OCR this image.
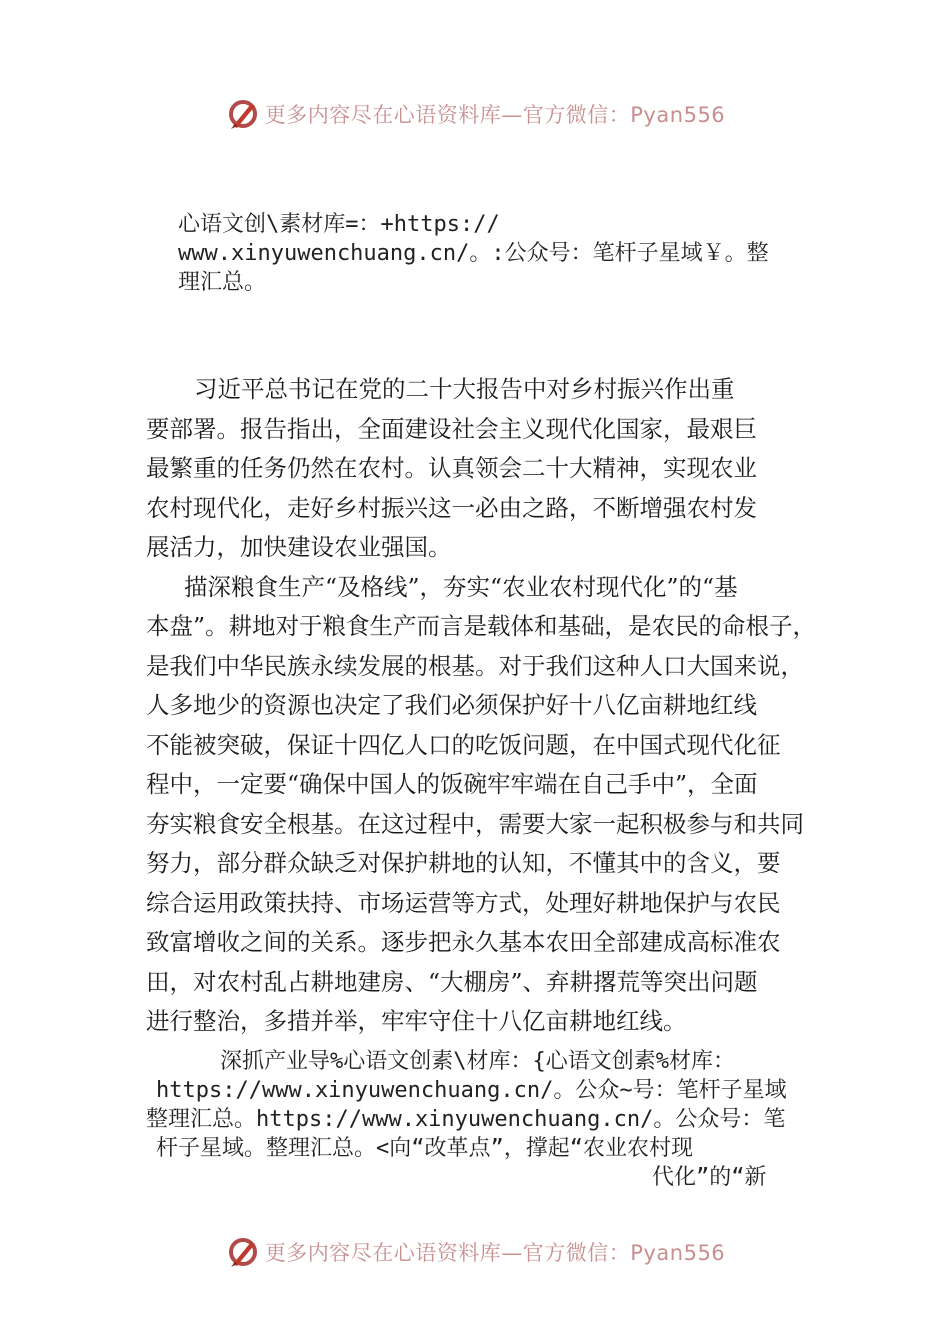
更多内容尽在心语资料库—官方微信：Pyan556
心语文创\素材库=：+https://
www.xinyuwenchuang.cn/。:公众号：笔杆子星域￥。整
理汇总。
习近平总书记在党的二十大报告中对乡村振兴作出重
要部署。报告指出，全面建设社会主义现代化国家，最艰巨
最繁重的任务仍然在农村。认真领会二十大精神，实现农业
农村现代化，走好乡村振兴这一必由之路，不断增强农村发
展活力，加快建设农业强国。
描深粮食生产“及格线”，夯实“农业农村现代化”的“基
本盘”。耕地对于粮食生产而言是载体和基础，是农民的命根子，
是我们中华民族永续发展的根基。对于我们这种人口大国来说，
人多地少的资源也决定了我们必须保护好十八亿亩耕地红线
不能被突破，保证十四亿人口的吃饭问题，在中国式现代化征
程中，一定要“确保中国人的饭碗牢牢端在自己手中”，全面
夯实粮食安全根基。在这过程中，需要大家一起积极参与和共同
努力，部分群众缺乏对保护耕地的认知，不懂其中的含义，要
综合运用政策扶持、市场运营等方式，处理好耕地保护与农民
致富增收之间的关系。逐步把永久基本农田全部建成高标准农
田，对农村乱占耕地建房、“大棚房”、弃耕撂荒等突出问题
进行整治，多措并举，牢牢守住十八亿亩耕地红线。
深抓产业导%心语文创素\材库：{心语文创素%材库：
https://www.xinyuwenchuang.cn/。公众~号：笔杆子星域
整理汇总。https://www.xinyuwenchuang.cn/。公众号：笔
杆子星域。整理汇总。<向“改革点”，撑起“农业农村现
代化”的“新
更多内容尽在心语资料库—官方微信：Pyan556
